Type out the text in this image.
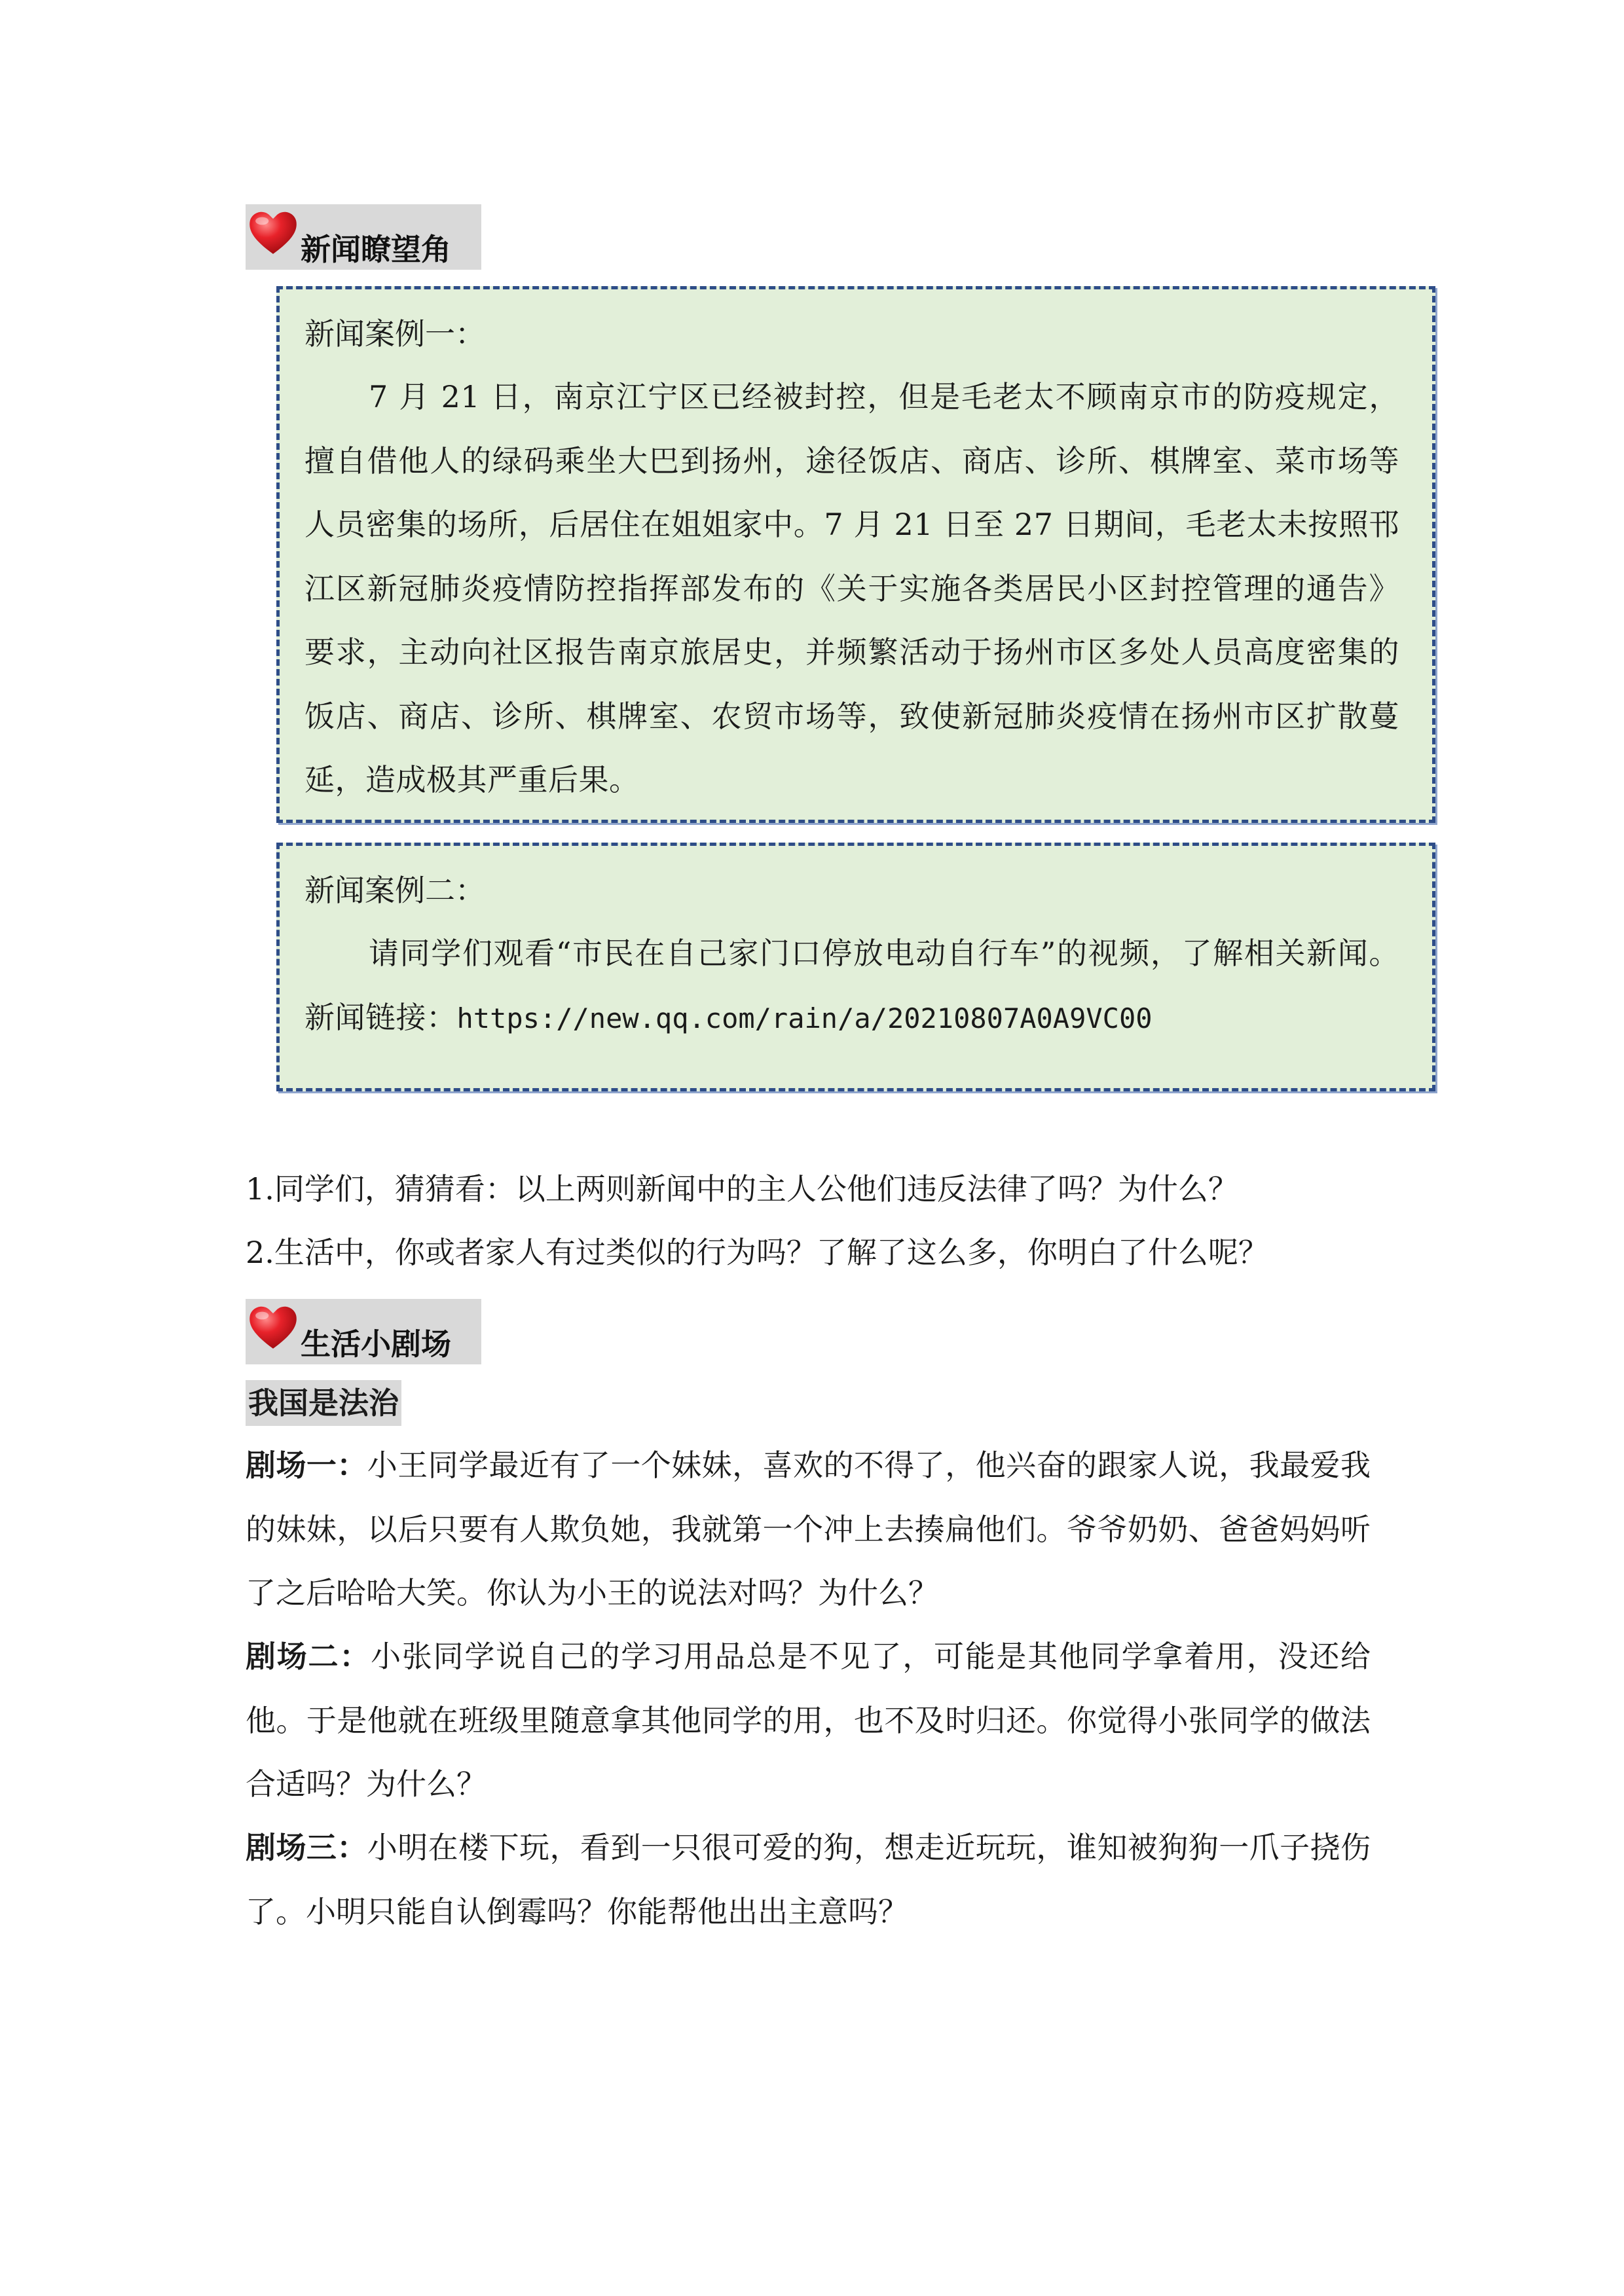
新闻瞭望角
新闻案例一：

7 月 21 日，南京江宁区已经被封控，但是毛老太不顾南京市的防疫规定，擅自借他人的绿码乘坐大巴到扬州，途径饭店、商店、诊所、棋牌室、菜市场等人员密集的场所，后居住在姐姐家中。7 月 21 日至 27 日期间，毛老太未按照邗江区新冠肺炎疫情防控指挥部发布的《关于实施各类居民小区封控管理的通告》要求，主动向社区报告南京旅居史，并频繁活动于扬州市区多处人员高度密集的饭店、商店、诊所、棋牌室、农贸市场等，致使新冠肺炎疫情在扬州市区扩散蔓延，造成极其严重后果。

新闻案例二：

请同学们观看“市民在自己家门口停放电动自行车”的视频，了解相关新闻。新闻链接：https://new.qq.com/rain/a/20210807A0A9VC00

1.同学们，猜猜看：以上两则新闻中的主人公他们违反法律了吗？为什么？
2.生活中，你或者家人有过类似的行为吗？了解了这么多，你明白了什么呢？
生活小剧场
我国是法治

剧场一：小王同学最近有了一个妹妹，喜欢的不得了，他兴奋的跟家人说，我最爱我的妹妹，以后只要有人欺负她，我就第一个冲上去揍扁他们。爷爷奶奶、爸爸妈妈听了之后哈哈大笑。你认为小王的说法对吗？为什么？

剧场二：小张同学说自己的学习用品总是不见了，可能是其他同学拿着用，没还给他。于是他就在班级里随意拿其他同学的用，也不及时归还。你觉得小张同学的做法合适吗？为什么？

剧场三：小明在楼下玩，看到一只很可爱的狗，想走近玩玩，谁知被狗狗一爪子挠伤了。小明只能自认倒霉吗？你能帮他出出主意吗？
